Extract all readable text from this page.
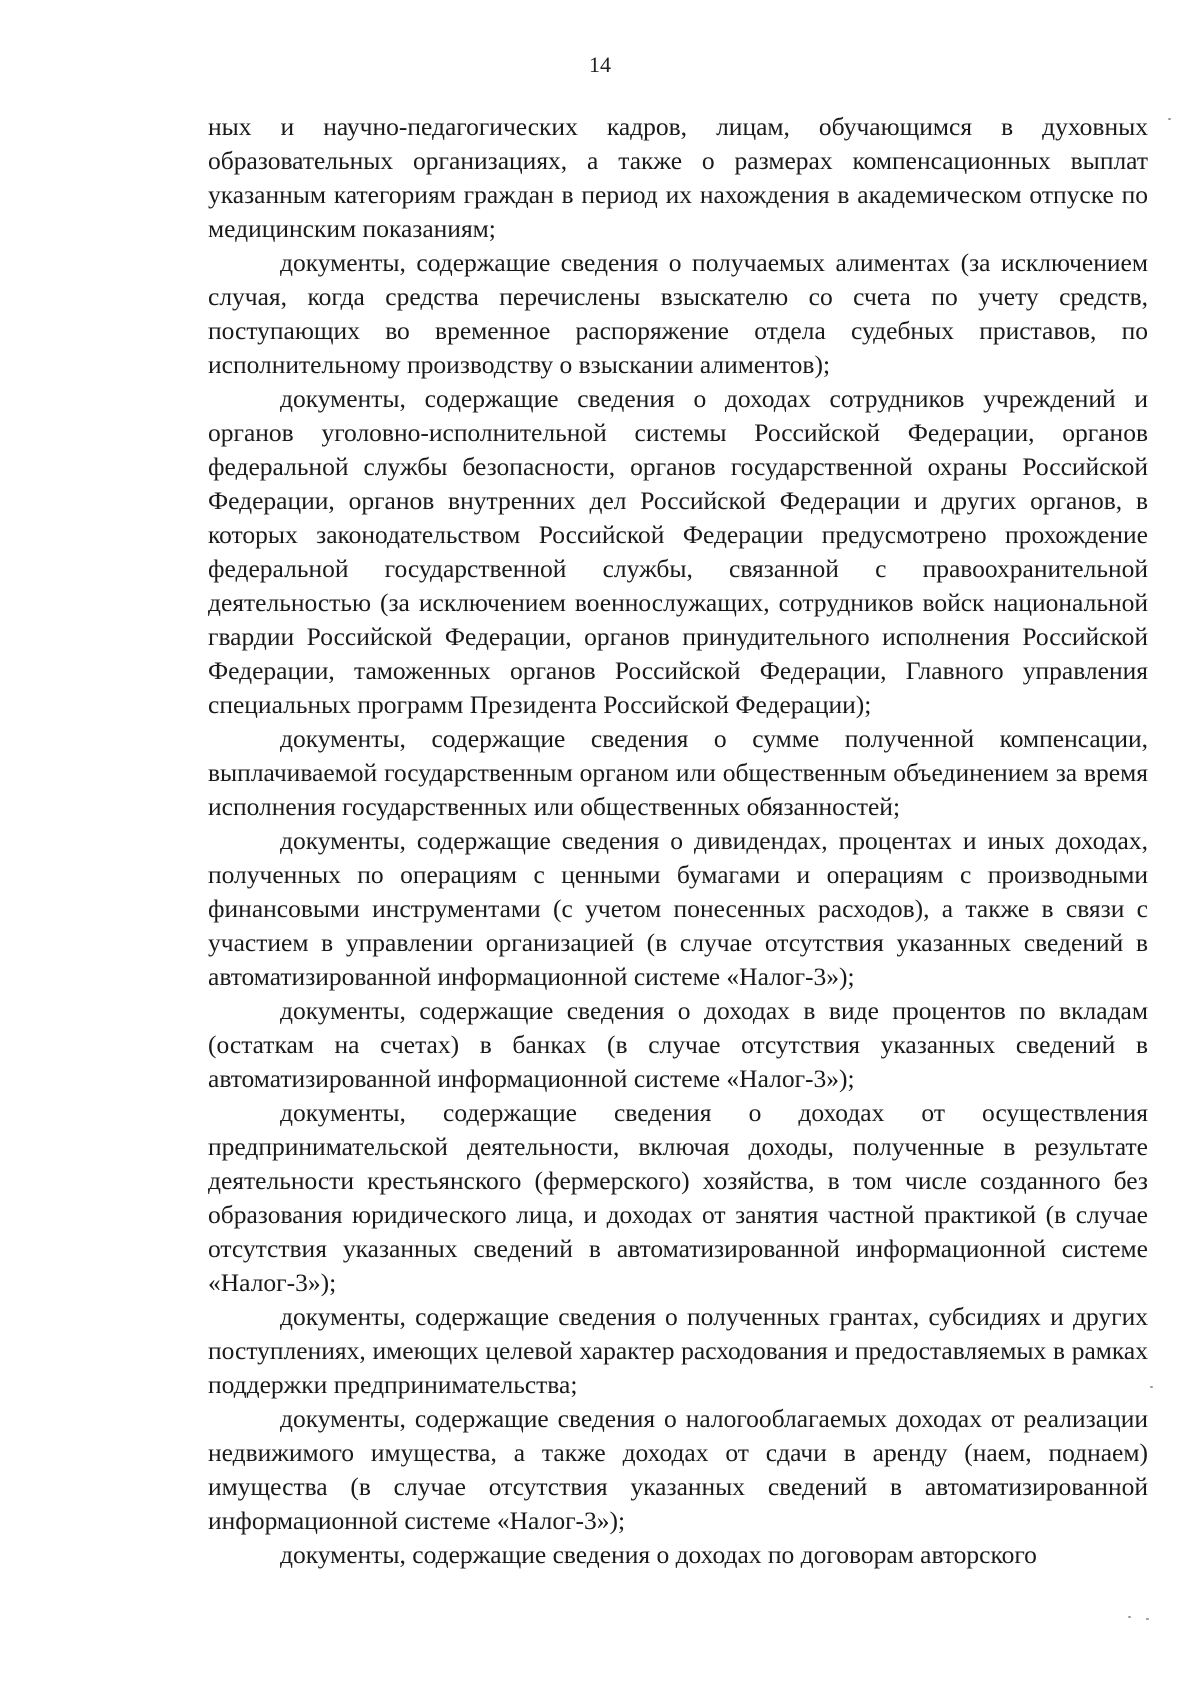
14

ных и научно-педагогических кадров, лицам, обучающимся в духовных образовательных организациях, а также о размерах компенсационных выплат указанным категориям граждан в период их нахождения в академическом отпуске по медицинским показаниям;

документы, содержащие сведения о получаемых алиментах (за исключением случая, когда средства перечислены взыскателю со счета по учету средств, поступающих во временное распоряжение отдела судебных приставов, по исполнительному производству о взыскании алиментов);

документы, содержащие сведения о доходах сотрудников учреждений и органов уголовно-исполнительной системы Российской Федерации, органов федеральной службы безопасности, органов государственной охраны Российской Федерации, органов внутренних дел Российской Федерации и других органов, в которых законодательством Российской Федерации предусмотрено прохождение федеральной государственной службы, связанной с правоохранительной деятельностью (за исключением военнослужащих, сотрудников войск национальной гвардии Российской Федерации, органов принудительного исполнения Российской Федерации, таможенных органов Российской Федерации, Главного управления специальных программ Президента Российской Федерации);

документы, содержащие сведения о сумме полученной компенсации, выплачиваемой государственным органом или общественным объединением за время исполнения государственных или общественных обязанностей;

документы, содержащие сведения о дивидендах, процентах и иных доходах, полученных по операциям с ценными бумагами и операциям с производными финансовыми инструментами (с учетом понесенных расходов), а также в связи с участием в управлении организацией (в случае отсутствия указанных сведений в автоматизированной информационной системе «Налог-3»);

документы, содержащие сведения о доходах в виде процентов по вкладам (остаткам на счетах) в банках (в случае отсутствия указанных сведений в автоматизированной информационной системе «Налог-3»);

документы, содержащие сведения о доходах от осуществления предпринимательской деятельности, включая доходы, полученные в результате деятельности крестьянского (фермерского) хозяйства, в том числе созданного без образования юридического лица, и доходах от занятия частной практикой (в случае отсутствия указанных сведений в автоматизированной информационной системе «Налог-3»);

документы, содержащие сведения о полученных грантах, субсидиях и других поступлениях, имеющих целевой характер расходования и предоставляемых в рамках поддержки предпринимательства;

документы, содержащие сведения о налогооблагаемых доходах от реализации недвижимого имущества, а также доходах от сдачи в аренду (наем, поднаем) имущества (в случае отсутствия указанных сведений в автоматизированной информационной системе «Налог-3»);

документы, содержащие сведения о доходах по договорам авторского
